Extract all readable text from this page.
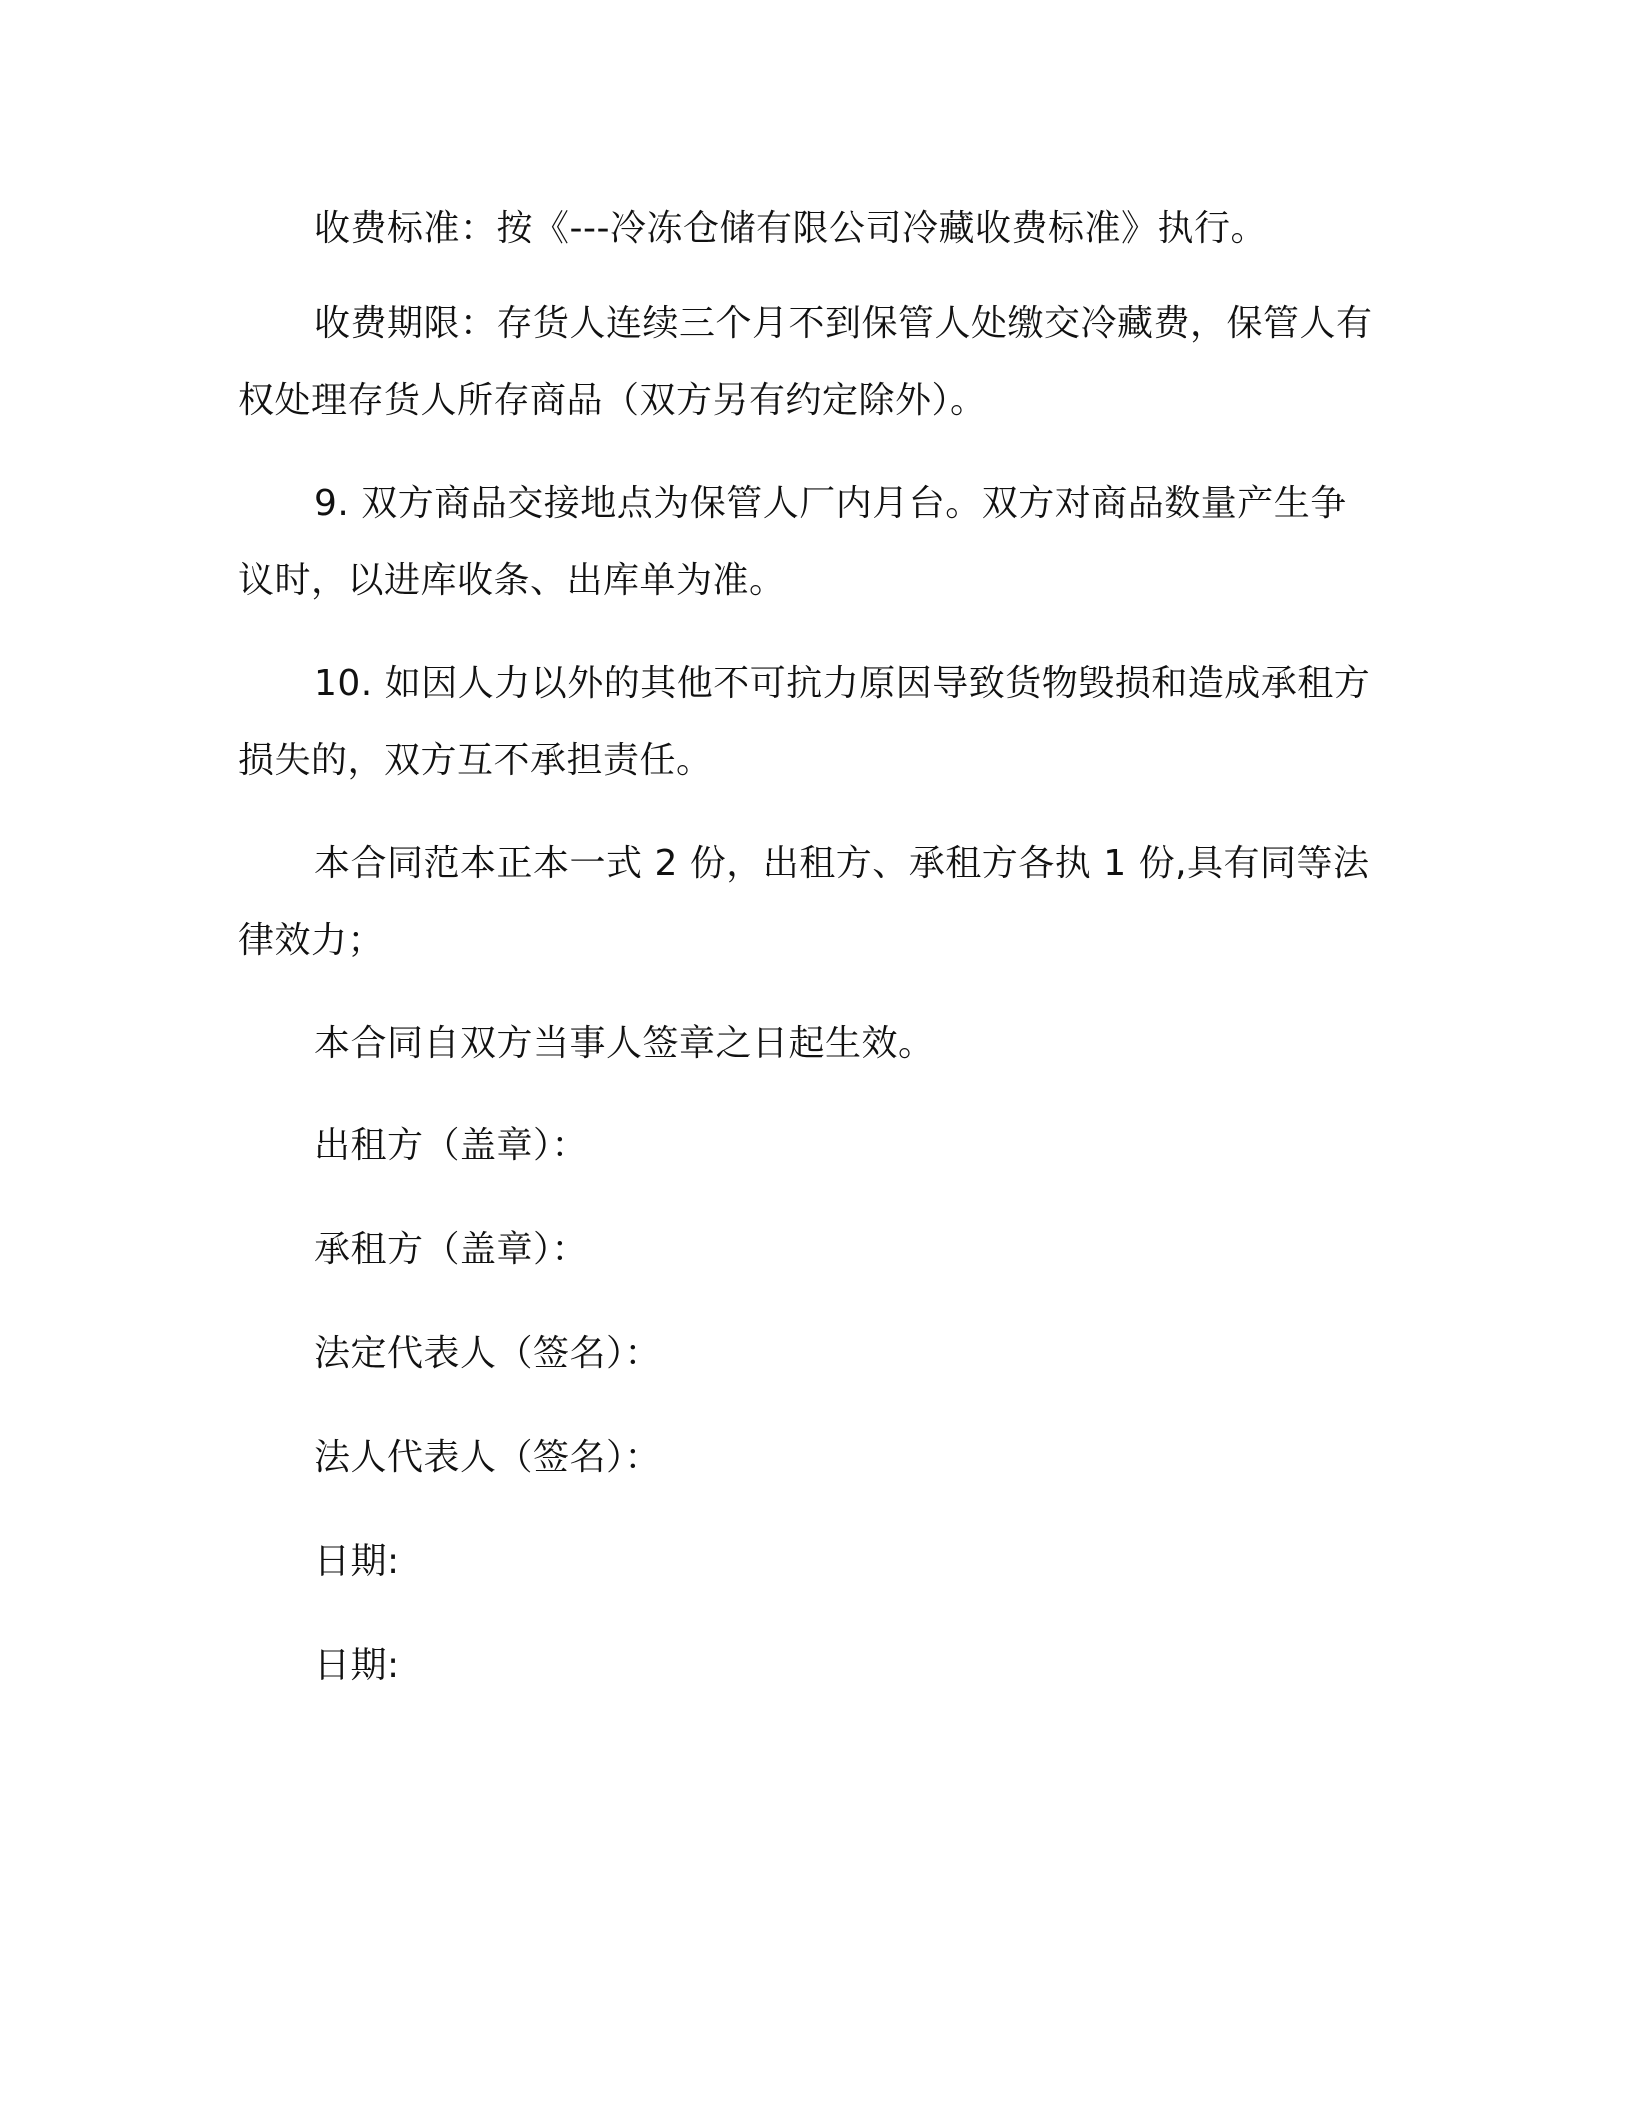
收费标准：按《---冷冻仓储有限公司冷藏收费标准》执行。

收费期限：存货人连续三个月不到保管人处缴交冷藏费，保管人有权处理存货人所存商品（双方另有约定除外）。

9. 双方商品交接地点为保管人厂内月台。双方对商品数量产生争议时，以进库收条、出库单为准。

10. 如因人力以外的其他不可抗力原因导致货物毁损和造成承租方损失的，双方互不承担责任。

本合同范本正本一式 2 份，出租方、承租方各执 1 份,具有同等法律效力；

本合同自双方当事人签章之日起生效。

出租方（盖章）：

承租方（盖章）：

法定代表人（签名）：

法人代表人（签名）：

日期:

日期:
